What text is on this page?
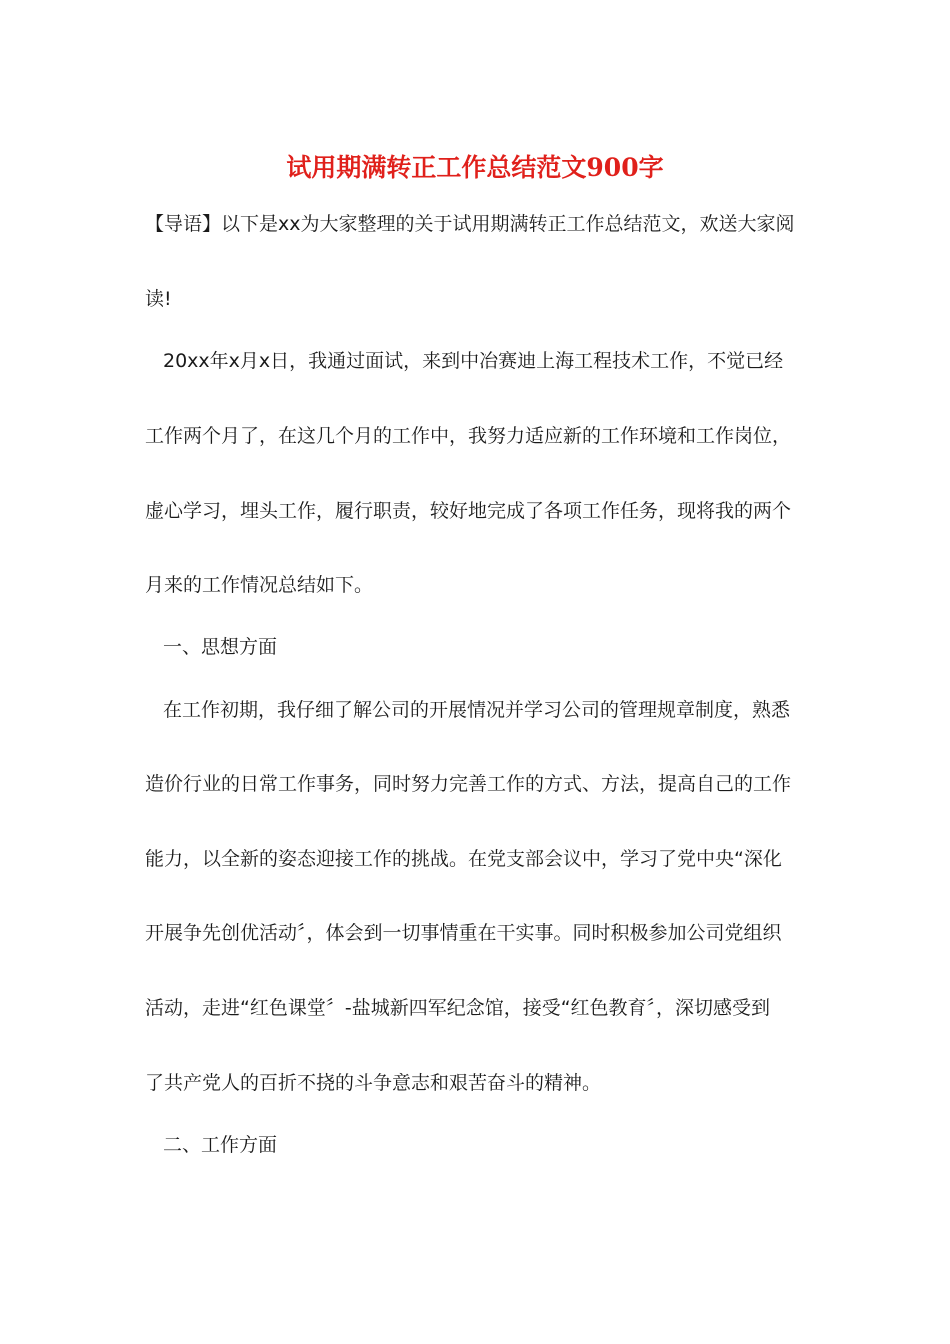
试用期满转正工作总结范文900字

【导语】以下是xx为大家整理的关于试用期满转正工作总结范文，欢送大家阅

读!

20xx年x月x日，我通过面试，来到中冶赛迪上海工程技术工作，不觉已经

工作两个月了，在这几个月的工作中，我努力适应新的工作环境和工作岗位，

虚心学习，埋头工作，履行职责，较好地完成了各项工作任务，现将我的两个

月来的工作情况总结如下。

一、思想方面

在工作初期，我仔细了解公司的开展情况并学习公司的管理规章制度，熟悉

造价行业的日常工作事务，同时努力完善工作的方式、方法，提高自己的工作

能力，以全新的姿态迎接工作的挑战。在党支部会议中，学习了党中央“深化

开展争先创优活动〞，体会到一切事情重在干实事。同时积极参加公司党组织

活动，走进“红色课堂〞-盐城新四军纪念馆，接受“红色教育〞，深切感受到

了共产党人的百折不挠的斗争意志和艰苦奋斗的精神。

二、工作方面
